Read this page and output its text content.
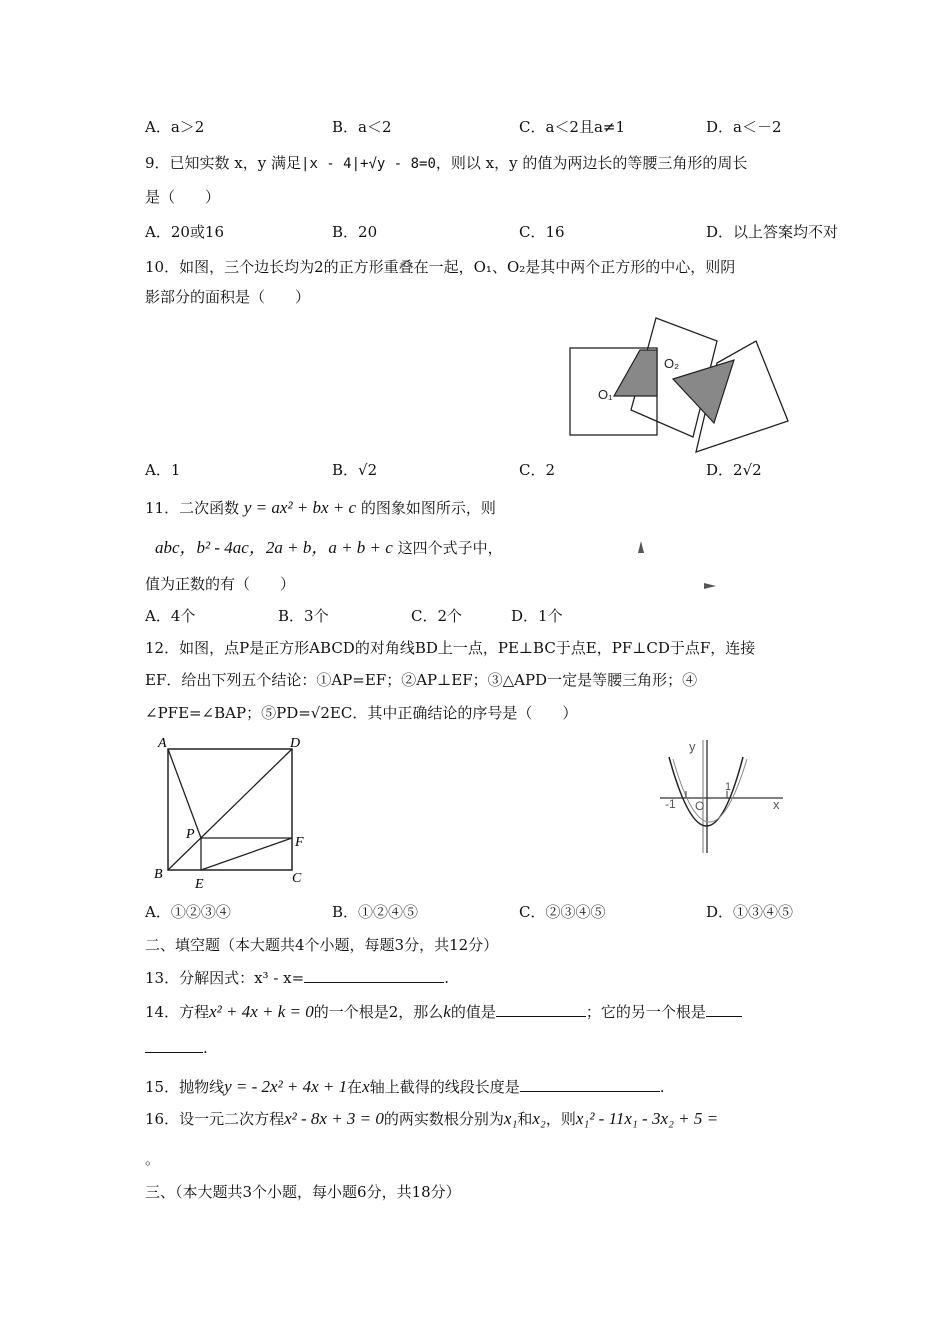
A．a＞2	B．a＜2	C．a＜2且a≠1	D．a＜－2
9．已知实数 x，y 满足|x - 4|+√y - 8=0，则以 x，y 的值为两边长的等腰三角形的周长
是（　　）
A．20或16	B．20	C．16	D．以上答案均不对
10．如图，三个边长均为2的正方形重叠在一起，O₁、O₂是其中两个正方形的中心，则阴
影部分的面积是（　　）
O₁
O₂
A．1	B．√2	C．2	D．2√2
11．二次函数 y = ax² + bx + c 的图象如图所示，则
abc，b² - 4ac，2a + b，a + b + c 这四个式子中，
值为正数的有（　　）
A．4个	B．3个	C．2个	D．1个
12．如图，点P是正方形ABCD的对角线BD上一点，PE⊥BC于点E，PF⊥CD于点F，连接
EF．给出下列五个结论：①AP=EF；②AP⊥EF；③△APD一定是等腰三角形；④
∠PFE=∠BAP；⑤PD=√2EC．其中正确结论的序号是（　　）
A	D
P
F
B
E	C
y
x
-1 O
1
A．①②③④	B．①②④⑤	C．②③④⑤	D．①③④⑤
二、填空题（本大题共4个小题，每题3分，共12分）
13．分解因式：x³ - x=	.
14．方程x² + 4x + k = 0的一个根是2，那么k的值是	；它的另一个根是
.
15．抛物线y = - 2x² + 4x + 1在x轴上截得的线段长度是	.
16．设一元二次方程x² - 8x + 3 = 0的两实数根分别为x₁和x₂，则x₁² - 11x₁ - 3x₂ + 5 =
。
三、（本大题共3个小题，每小题6分，共18分）
